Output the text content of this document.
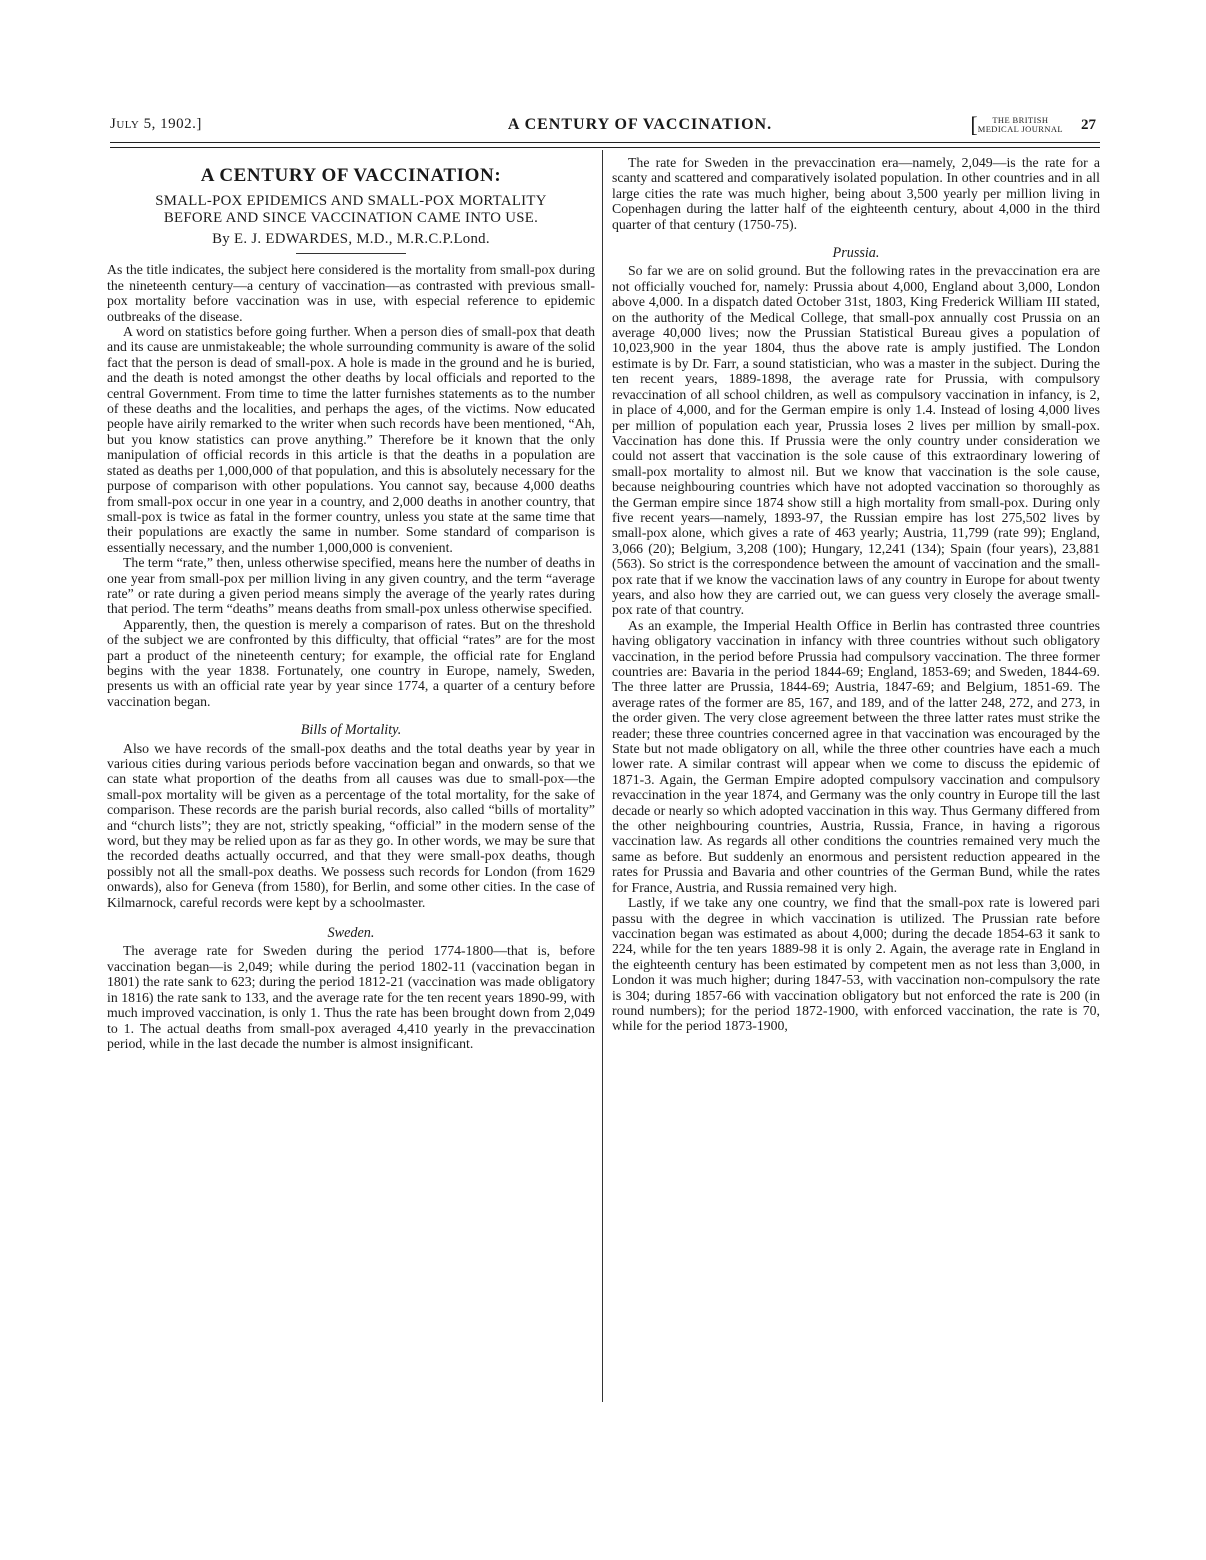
July 5, 1902.]	A CENTURY OF VACCINATION.	[	THE BRITISH
MEDICAL JOURNAL 27
A CENTURY OF VACCINATION:
SMALL-POX EPIDEMICS AND SMALL-POX MORTALITY BEFORE AND SINCE VACCINATION CAME INTO USE.
By E. J. EDWARDES, M.D., M.R.C.P.Lond.

As the title indicates, the subject here considered is the mortality from small-pox during the nineteenth century—a century of vaccination—as contrasted with previous small-pox mortality before vaccination was in use, with especial reference to epidemic outbreaks of the disease.

A word on statistics before going further. When a person dies of small-pox that death and its cause are unmistakeable; the whole surrounding community is aware of the solid fact that the person is dead of small-pox. A hole is made in the ground and he is buried, and the death is noted amongst the other deaths by local officials and reported to the central Government. From time to time the latter furnishes statements as to the number of these deaths and the localities, and perhaps the ages, of the victims. Now educated people have airily remarked to the writer when such records have been mentioned, “Ah, but you know statistics can prove anything.” Therefore be it known that the only manipulation of official records in this article is that the deaths in a population are stated as deaths per 1,000,000 of that population, and this is absolutely necessary for the purpose of comparison with other populations. You cannot say, because 4,000 deaths from small-pox occur in one year in a country, and 2,000 deaths in another country, that small-pox is twice as fatal in the former country, unless you state at the same time that their populations are exactly the same in number. Some standard of comparison is essentially necessary, and the number 1,000,000 is convenient.

The term “rate,” then, unless otherwise specified, means here the number of deaths in one year from small-pox per million living in any given country, and the term “average rate” or rate during a given period means simply the average of the yearly rates during that period. The term “deaths” means deaths from small-pox unless otherwise specified.

Apparently, then, the question is merely a comparison of rates. But on the threshold of the subject we are confronted by this difficulty, that official “rates” are for the most part a product of the nineteenth century; for example, the official rate for England begins with the year 1838. Fortunately, one country in Europe, namely, Sweden, presents us with an official rate year by year since 1774, a quarter of a century before vaccination began.

Bills of Mortality.

Also we have records of the small-pox deaths and the total deaths year by year in various cities during various periods before vaccination began and onwards, so that we can state what proportion of the deaths from all causes was due to small-pox—the small-pox mortality will be given as a percentage of the total mortality, for the sake of comparison. These records are the parish burial records, also called “bills of mortality” and “church lists”; they are not, strictly speaking, “official” in the modern sense of the word, but they may be relied upon as far as they go. In other words, we may be sure that the recorded deaths actually occurred, and that they were small-pox deaths, though possibly not all the small-pox deaths. We possess such records for London (from 1629 onwards), also for Geneva (from 1580), for Berlin, and some other cities. In the case of Kilmarnock, careful records were kept by a schoolmaster.

Sweden.

The average rate for Sweden during the period 1774-1800—that is, before vaccination began—is 2,049; while during the period 1802-11 (vaccination began in 1801) the rate sank to 623; during the period 1812-21 (vaccination was made obligatory in 1816) the rate sank to 133, and the average rate for the ten recent years 1890-99, with much improved vaccination, is only 1. Thus the rate has been brought down from 2,049 to 1. The actual deaths from small-pox averaged 4,410 yearly in the prevaccination period, while in the last decade the number is almost insignificant.

The rate for Sweden in the prevaccination era—namely, 2,049—is the rate for a scanty and scattered and comparatively isolated population. In other countries and in all large cities the rate was much higher, being about 3,500 yearly per million living in Copenhagen during the latter half of the eighteenth century, about 4,000 in the third quarter of that century (1750-75).

Prussia.

So far we are on solid ground. But the following rates in the prevaccination era are not officially vouched for, namely: Prussia about 4,000, England about 3,000, London above 4,000. In a dispatch dated October 31st, 1803, King Frederick William III stated, on the authority of the Medical College, that small-pox annually cost Prussia on an average 40,000 lives; now the Prussian Statistical Bureau gives a population of 10,023,900 in the year 1804, thus the above rate is amply justified. The London estimate is by Dr. Farr, a sound statistician, who was a master in the subject. During the ten recent years, 1889-1898, the average rate for Prussia, with compulsory revaccination of all school children, as well as compulsory vaccination in infancy, is 2, in place of 4,000, and for the German empire is only 1.4. Instead of losing 4,000 lives per million of population each year, Prussia loses 2 lives per million by small-pox. Vaccination has done this. If Prussia were the only country under consideration we could not assert that vaccination is the sole cause of this extraordinary lowering of small-pox mortality to almost nil. But we know that vaccination is the sole cause, because neighbouring countries which have not adopted vaccination so thoroughly as the German empire since 1874 show still a high mortality from small-pox. During only five recent years—namely, 1893-97, the Russian empire has lost 275,502 lives by small-pox alone, which gives a rate of 463 yearly; Austria, 11,799 (rate 99); England, 3,066 (20); Belgium, 3,208 (100); Hungary, 12,241 (134); Spain (four years), 23,881 (563). So strict is the correspondence between the amount of vaccination and the small-pox rate that if we know the vaccination laws of any country in Europe for about twenty years, and also how they are carried out, we can guess very closely the average small-pox rate of that country.

As an example, the Imperial Health Office in Berlin has contrasted three countries having obligatory vaccination in infancy with three countries without such obligatory vaccination, in the period before Prussia had compulsory vaccination. The three former countries are: Bavaria in the period 1844-69; England, 1853-69; and Sweden, 1844-69. The three latter are Prussia, 1844-69; Austria, 1847-69; and Belgium, 1851-69. The average rates of the former are 85, 167, and 189, and of the latter 248, 272, and 273, in the order given. The very close agreement between the three latter rates must strike the reader; these three countries concerned agree in that vaccination was encouraged by the State but not made obligatory on all, while the three other countries have each a much lower rate. A similar contrast will appear when we come to discuss the epidemic of 1871-3. Again, the German Empire adopted compulsory vaccination and compulsory revaccination in the year 1874, and Germany was the only country in Europe till the last decade or nearly so which adopted vaccination in this way. Thus Germany differed from the other neighbouring countries, Austria, Russia, France, in having a rigorous vaccination law. As regards all other conditions the countries remained very much the same as before. But suddenly an enormous and persistent reduction appeared in the rates for Prussia and Bavaria and other countries of the German Bund, while the rates for France, Austria, and Russia remained very high.

Lastly, if we take any one country, we find that the small-pox rate is lowered pari passu with the degree in which vaccination is utilized. The Prussian rate before vaccination began was estimated as about 4,000; during the decade 1854-63 it sank to 224, while for the ten years 1889-98 it is only 2. Again, the average rate in England in the eighteenth century has been estimated by competent men as not less than 3,000, in London it was much higher; during 1847-53, with vaccination non-compulsory the rate is 304; during 1857-66 with vaccination obligatory but not enforced the rate is 200 (in round numbers); for the period 1872-1900, with enforced vaccination, the rate is 70, while for the period 1873-1900,
